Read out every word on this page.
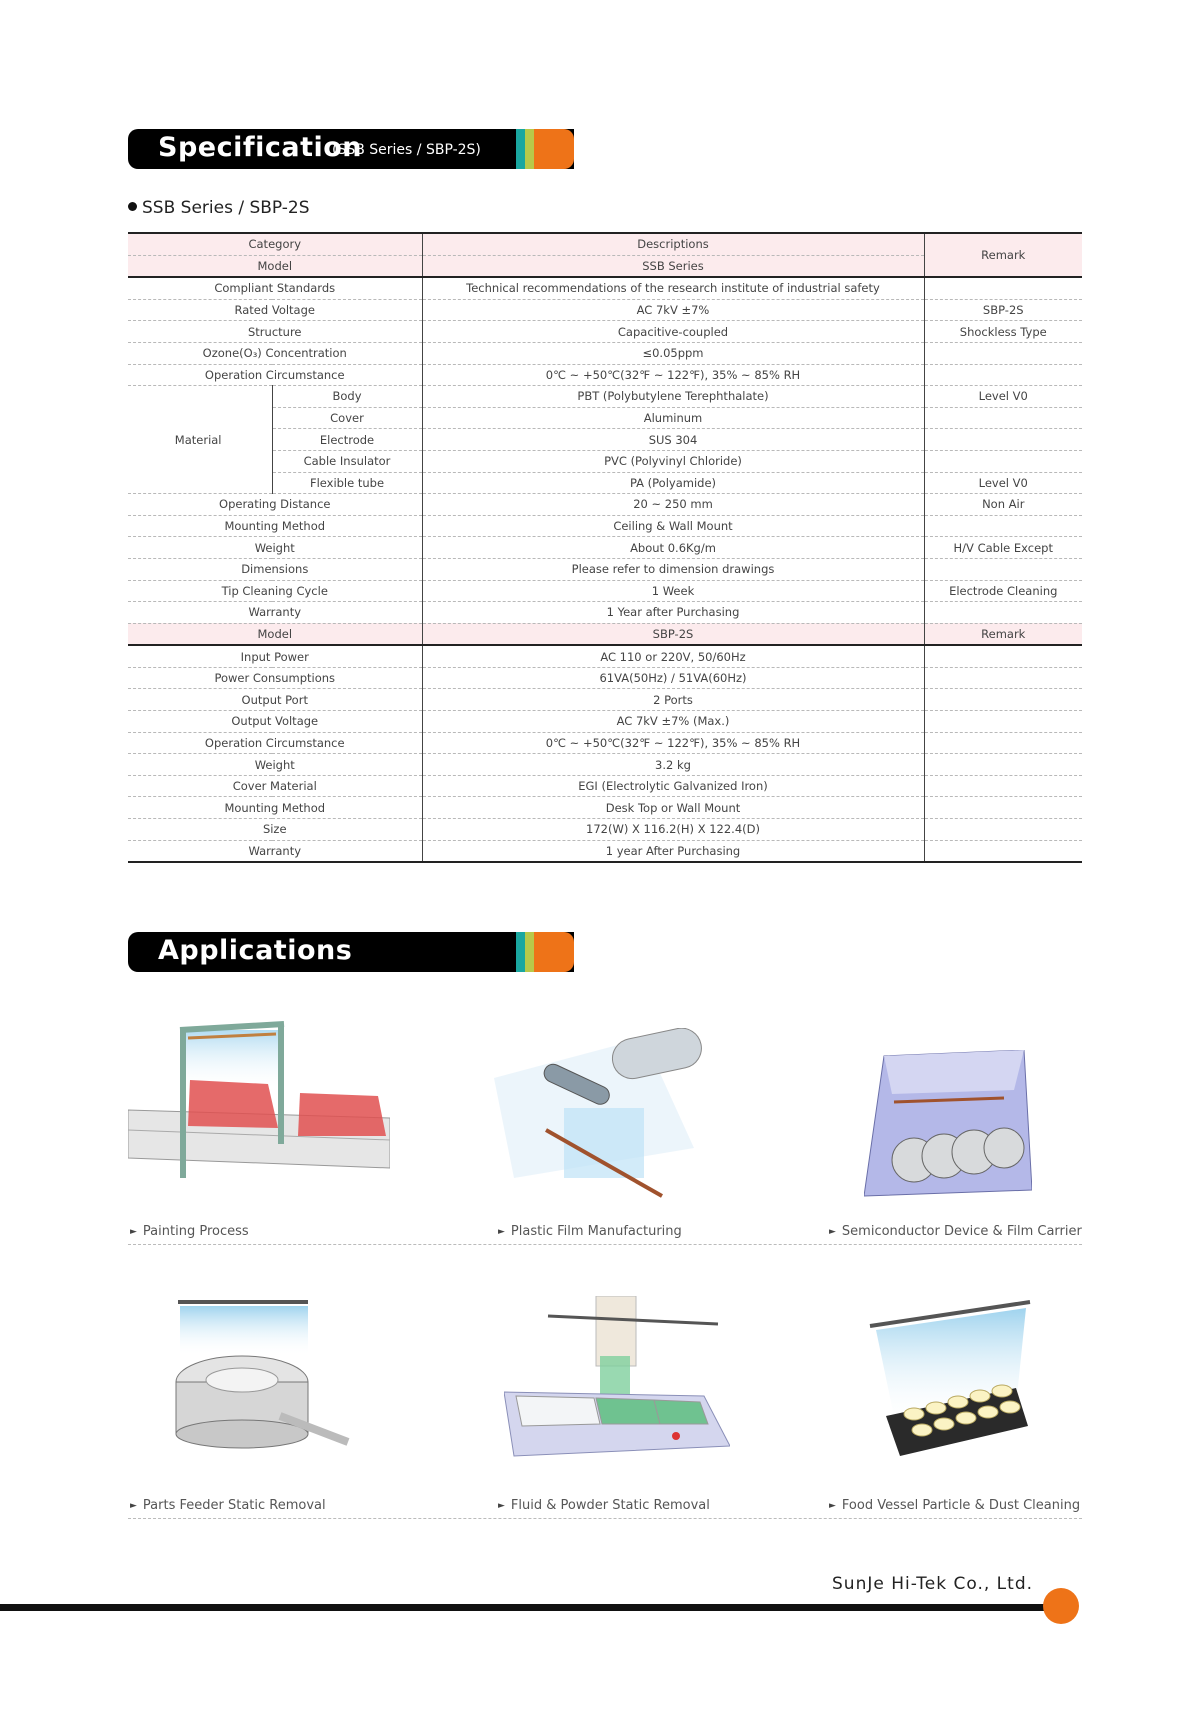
Specification
(SSB Series / SBP-2S)
SSB Series / SBP-2S
Category		Descriptions	Remark
Model		SSB Series	
Compliant Standards		Technical recommendations of the research institute of industrial safety	
Rated Voltage		AC 7kV ±7%	SBP-2S
Structure		Capacitive-coupled	Shockless Type
Ozone(O₃) Concentration		≤0.05ppm	
Operation Circumstance		0℃ ~ +50℃(32℉ ~ 122℉), 35% ~ 85% RH	
Material	Body	PBT (Polybutylene Terephthalate)	Level V0
	Cover	Aluminum	
	Electrode	SUS 304	
	Cable Insulator	PVC (Polyvinyl Chloride)	
	Flexible tube	PA (Polyamide)	Level V0
Operating Distance		20 ~ 250 mm	Non Air
Mounting Method		Ceiling & Wall Mount	
Weight		About 0.6Kg/m	H/V Cable Except
Dimensions		Please refer to dimension drawings	
Tip Cleaning Cycle		1 Week	Electrode Cleaning
Warranty		1 Year after Purchasing	
Model		SBP-2S	Remark
Input Power		AC 110 or 220V, 50/60Hz	
Power Consumptions		61VA(50Hz) / 51VA(60Hz)	
Output Port		2 Ports	
Output Voltage		AC 7kV ±7% (Max.)	
Operation Circumstance		0℃ ~ +50℃(32℉ ~ 122℉), 35% ~ 85% RH	
Weight		3.2 kg	
Cover Material		EGI (Electrolytic Galvanized Iron)	
Mounting Method		Desk Top or Wall Mount	
Size		172(W) X 116.2(H) X 122.4(D)	
Warranty		1 year After Purchasing	
Applications
► Painting Process	► Plastic Film Manufacturing	► Semiconductor Device & Film Carrier
► Parts Feeder Static Removal	► Fluid & Powder Static Removal	► Food Vessel Particle & Dust Cleaning
SunJe Hi-Tek Co., Ltd.
